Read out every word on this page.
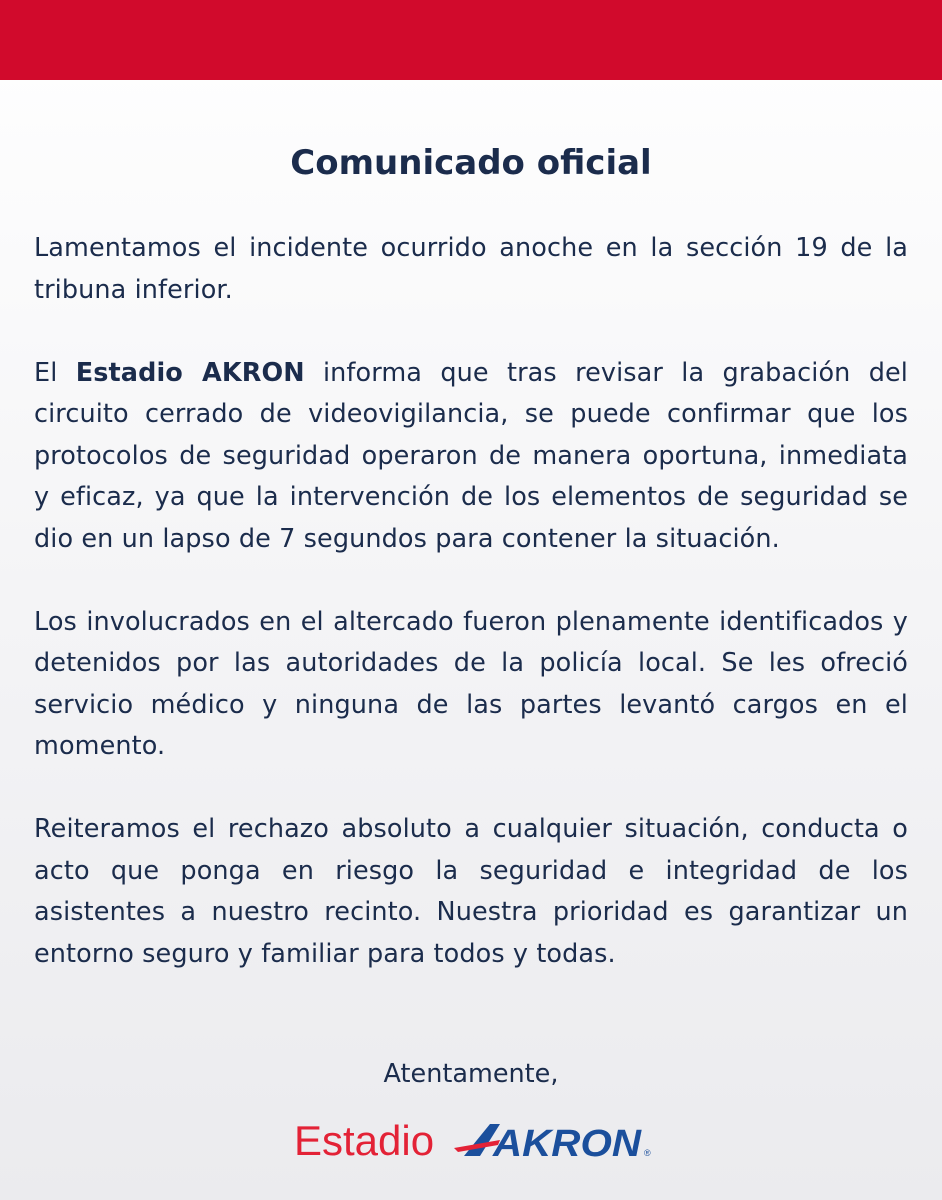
Comunicado oficial

Lamentamos el incidente ocurrido anoche en la sección 19 de la tribuna inferior.

El Estadio AKRON informa que tras revisar la grabación del circuito cerrado de videovigilancia, se puede confirmar que los protocolos de seguridad operaron de manera oportuna, inmediata y eficaz, ya que la intervención de los elementos de seguridad se dio en un lapso de 7 segundos para contener la situación.

Los involucrados en el altercado fueron plenamente identificados y detenidos por las autoridades de la policía local. Se les ofreció servicio médico y ninguna de las partes levantó cargos en el momento.

Reiteramos el rechazo absoluto a cualquier situación, conducta o acto que ponga en riesgo la seguridad e integridad de los asistentes a nuestro recinto. Nuestra prioridad es garantizar un entorno seguro y familiar para todos y todas.

Atentamente,
Estadio AKRON ®
